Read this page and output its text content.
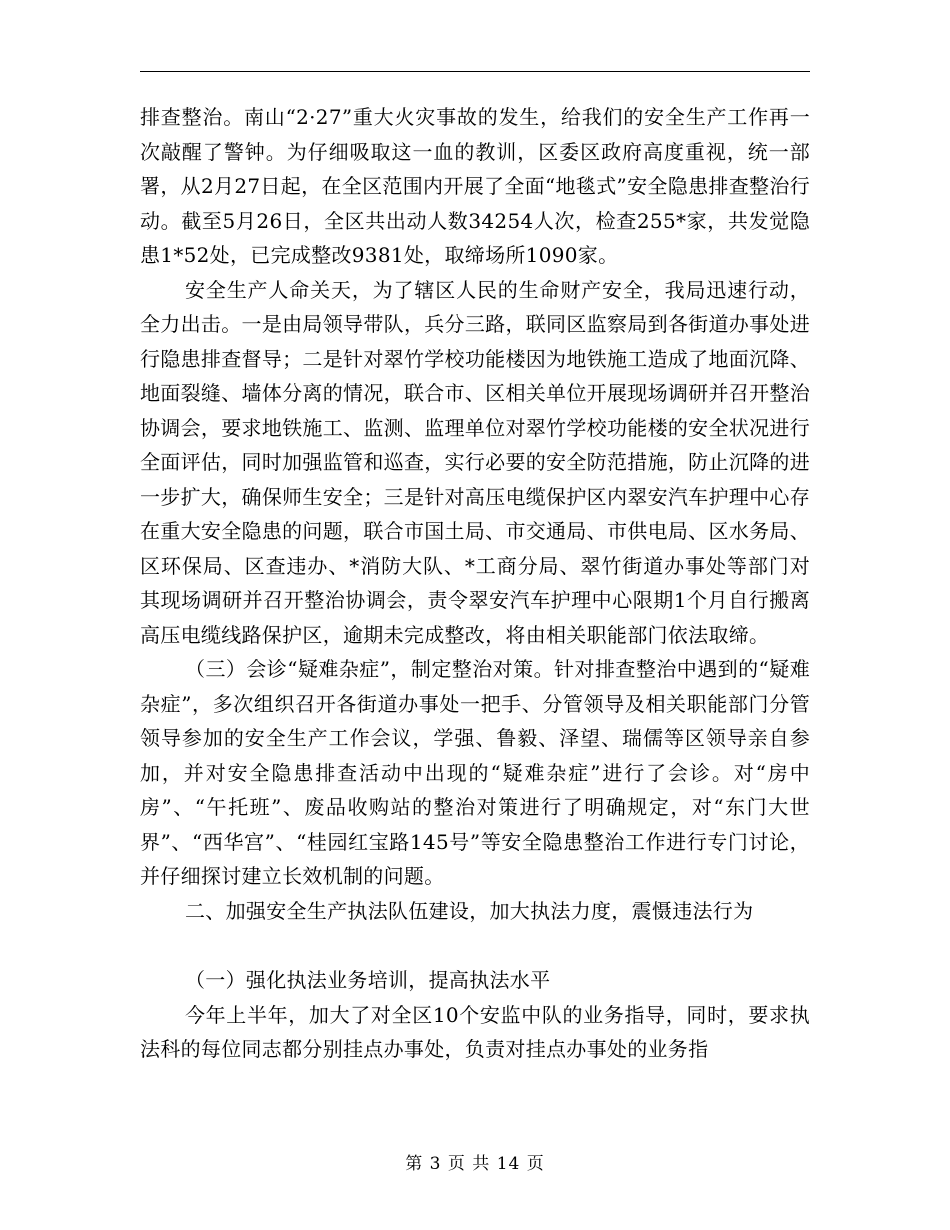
排查整治。南山“2·27”重大火灾事故的发生，给我们的安全生产工作再一次敲醒了警钟。为仔细吸取这一血的教训，区委区政府高度重视，统一部署，从2月27日起，在全区范围内开展了全面“地毯式”安全隐患排查整治行动。截至5月26日，全区共出动人数34254人次，检查255*家，共发觉隐患1*52处，已完成整改9381处，取缔场所1090家。

安全生产人命关天，为了辖区人民的生命财产安全，我局迅速行动，全力出击。一是由局领导带队，兵分三路，联同区监察局到各街道办事处进行隐患排查督导；二是针对翠竹学校功能楼因为地铁施工造成了地面沉降、地面裂缝、墙体分离的情况，联合市、区相关单位开展现场调研并召开整治协调会，要求地铁施工、监测、监理单位对翠竹学校功能楼的安全状况进行全面评估，同时加强监管和巡查，实行必要的安全防范措施，防止沉降的进一步扩大，确保师生安全；三是针对高压电缆保护区内翠安汽车护理中心存在重大安全隐患的问题，联合市国土局、市交通局、市供电局、区水务局、区环保局、区查违办、*消防大队、*工商分局、翠竹街道办事处等部门对其现场调研并召开整治协调会，责令翠安汽车护理中心限期1个月自行搬离高压电缆线路保护区，逾期未完成整改，将由相关职能部门依法取缔。

（三）会诊“疑难杂症”，制定整治对策。针对排查整治中遇到的“疑难杂症”，多次组织召开各街道办事处一把手、分管领导及相关职能部门分管领导参加的安全生产工作会议，学强、鲁毅、泽望、瑞儒等区领导亲自参加，并对安全隐患排查活动中出现的“疑难杂症”进行了会诊。对“房中房”、“午托班”、废品收购站的整治对策进行了明确规定，对“东门大世界”、“西华宫”、“桂园红宝路145号”等安全隐患整治工作进行专门讨论，并仔细探讨建立长效机制的问题。

二、加强安全生产执法队伍建设，加大执法力度，震慑违法行为

（一）强化执法业务培训，提高执法水平

今年上半年，加大了对全区10个安监中队的业务指导，同时，要求执法科的每位同志都分别挂点办事处，负责对挂点办事处的业务指

第 3 页 共 14 页
